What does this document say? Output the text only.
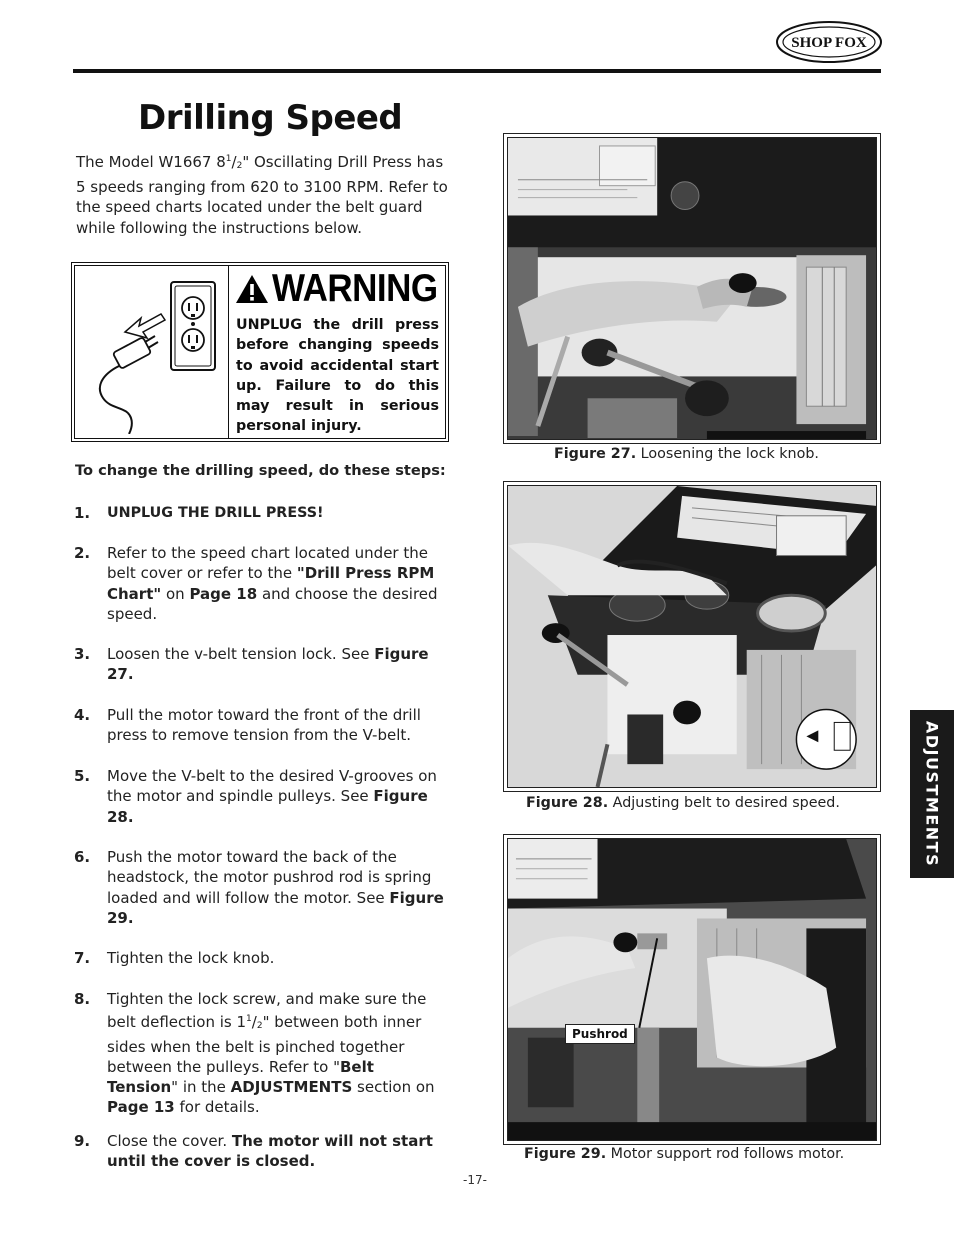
SHOP FOX
Drilling Speed
The Model W1667 $8^1/_2$" Oscillating Drill Press has 5 speeds ranging from 620 to 3100 RPM. Refer to the speed charts located under the belt guard while following the instructions below.
WARNING
UNPLUG the drill press before changing speeds to avoid accidental start up. Failure to do this may result in serious personal injury.
To change the drilling speed, do these steps:
1. UNPLUG THE DRILL PRESS!
2. Refer to the speed chart located under the belt cover or refer to the "Drill Press RPM Chart" on Page 18 and choose the desired speed.
3. Loosen the v-belt tension lock. See Figure 27.
4. Pull the motor toward the front of the drill press to remove tension from the V-belt.
5. Move the V-belt to the desired V-grooves on the motor and spindle pulleys. See Figure 28.
6. Push the motor toward the back of the headstock, the motor pushrod rod is spring loaded and will follow the motor. See Figure 29.
7. Tighten the lock knob.
8. Tighten the lock screw, and make sure the belt deflection is $1^1/_2$" between both inner sides when the belt is pinched together between the pulleys. Refer to "Belt Tension" in the ADJUSTMENTS section on Page 13 for details.
9. Close the cover. The motor will not start until the cover is closed.
Figure 27. Loosening the lock knob.
Figure 28. Adjusting belt to desired speed.
Pushrod
Figure 29. Motor support rod follows motor.
ADJUSTMENTS
-17-
